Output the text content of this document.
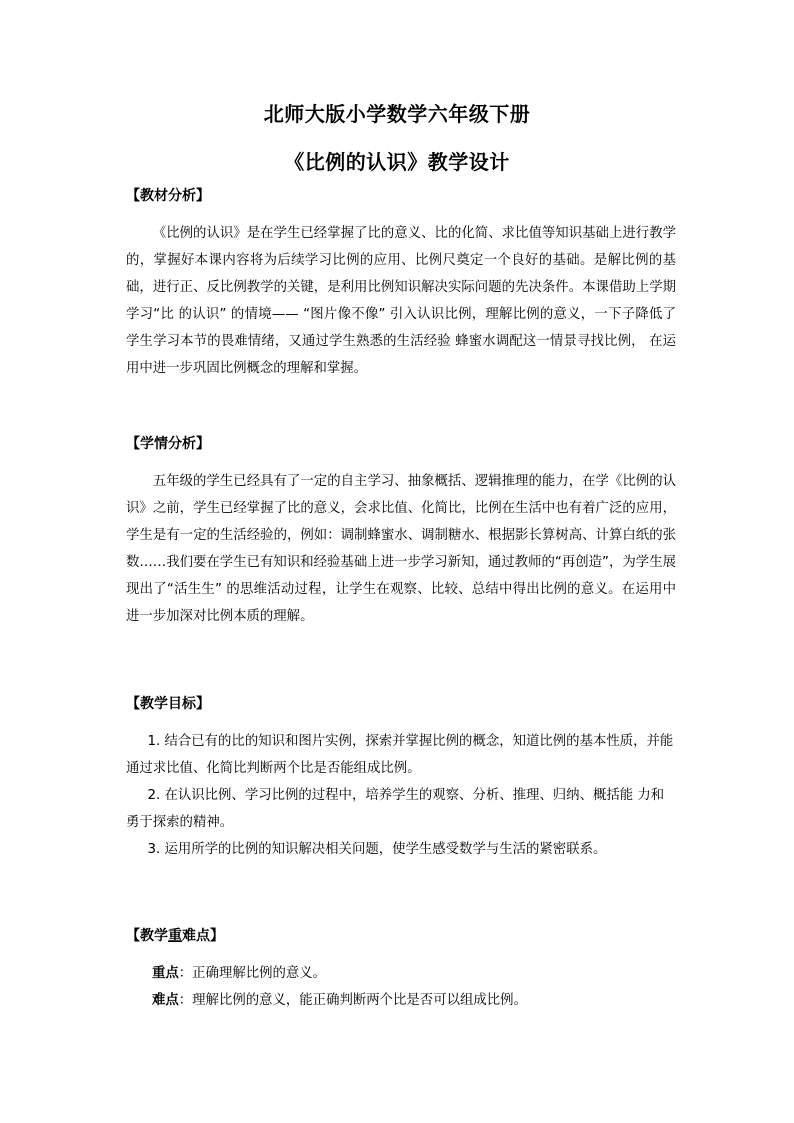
北师大版小学数学六年级下册

《比例的认识》教学设计

【教材分析】

《比例的认识》是在学生已经掌握了比的意义、比的化简、求比值等知识基础上进行教学的，掌握好本课内容将为后续学习比例的应用、比例尺奠定一个良好的基础。是解比例的基础，进行正、反比例教学的关键，是利用比例知识解决实际问题的先决条件。本课借助上学期学习“比 的认识” 的情境—— “图片像不像” 引入认识比例，理解比例的意义，一下子降低了学生学习本节的畏难情绪，又通过学生熟悉的生活经验 蜂蜜水调配这一情景寻找比例， 在运用中进一步巩固比例概念的理解和掌握。

【学情分析】

五年级的学生已经具有了一定的自主学习、抽象概括、逻辑推理的能力，在学《比例的认识》之前，学生已经掌握了比的意义，会求比值、化简比，比例在生活中也有着广泛的应用，学生是有一定的生活经验的，例如：调制蜂蜜水、调制糖水、根据影长算树高、计算白纸的张数……我们要在学生已有知识和经验基础上进一步学习新知，通过教师的“再创造”，为学生展现出了“活生生” 的思维活动过程，让学生在观察、比较、总结中得出比例的意义。在运用中进一步加深对比例本质的理解。

【教学目标】

1. 结合已有的比的知识和图片实例，探索并掌握比例的概念，知道比例的基本性质，并能通过求比值、化简比判断两个比是否能组成比例。

2. 在认识比例、学习比例的过程中，培养学生的观察、分析、推理、归纳、概括能 力和勇于探索的精神。

3. 运用所学的比例的知识解决相关问题，使学生感受数学与生活的紧密联系。

【教学重难点】

重点：正确理解比例的意义。

难点：理解比例的意义，能正确判断两个比是否可以组成比例。
